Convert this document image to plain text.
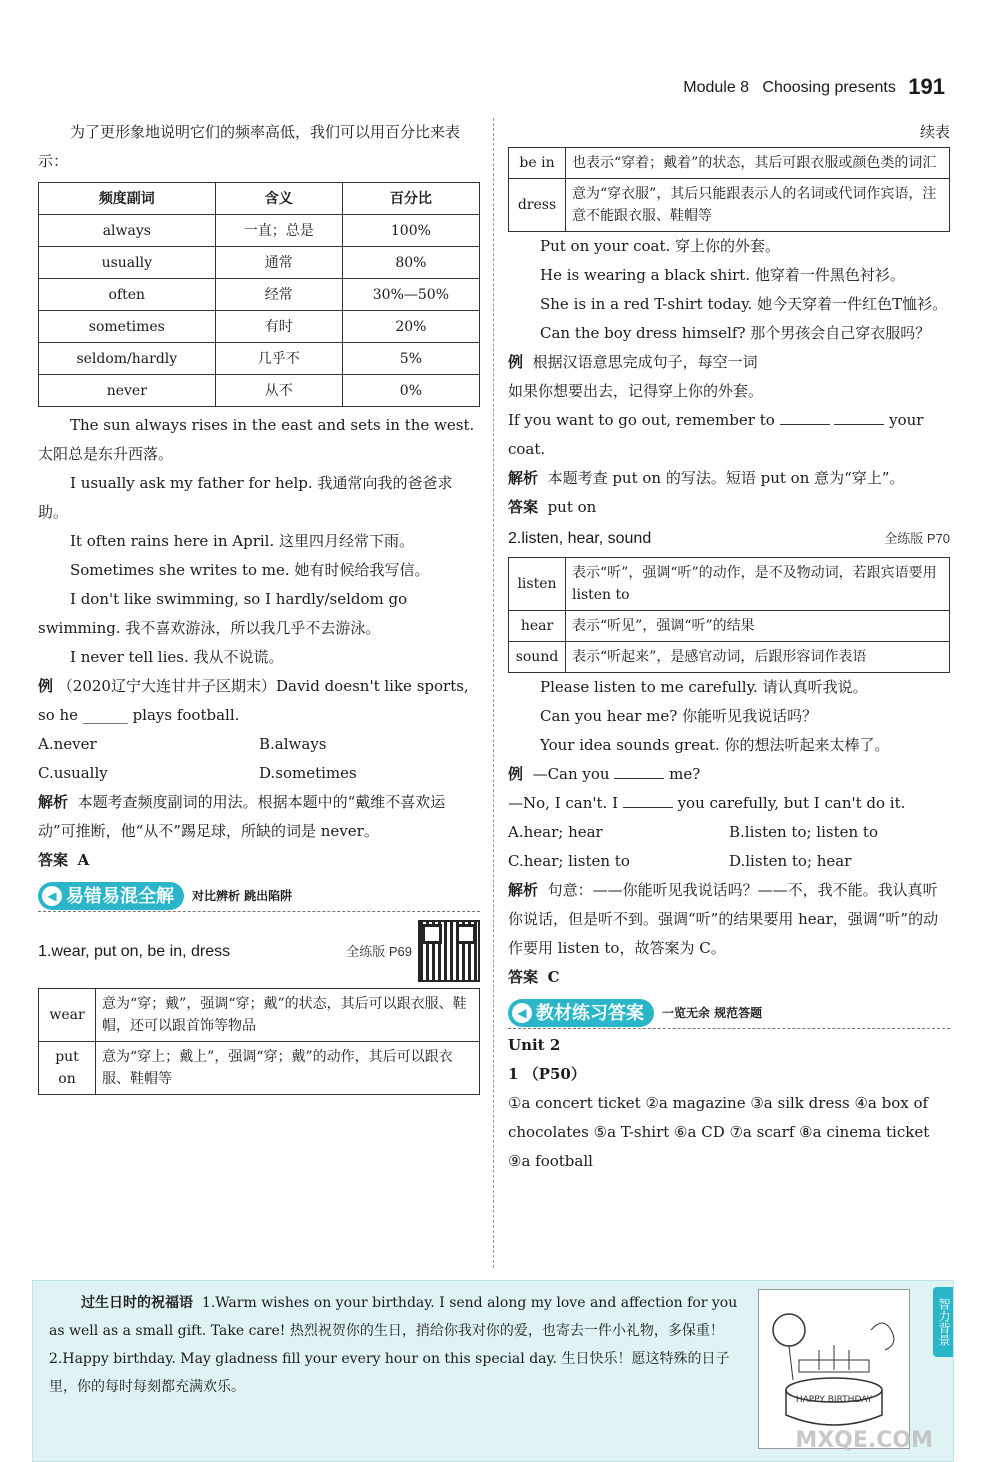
Module 8 Choosing presents 191

为了更形象地说明它们的频率高低，我们可以用百分比来表示：

频度副词	含义	百分比
always	一直；总是	100%
usually	通常	80%
often	经常	30%—50%
sometimes	有时	20%
seldom/hardly	几乎不	5%
never	从不	0%

The sun always rises in the east and sets in the west. 太阳总是东升西落。

I usually ask my father for help. 我通常向我的爸爸求助。

It often rains here in April. 这里四月经常下雨。

Sometimes she writes to me. 她有时候给我写信。

I don't like swimming, so I hardly/seldom go swimming. 我不喜欢游泳，所以我几乎不去游泳。

I never tell lies. 我从不说谎。

例 （2020辽宁大连甘井子区期末）David doesn't like sports, so he ______ plays football.

A.never	B.always
C.usually	D.sometimes

解析 本题考查频度副词的用法。根据本题中的“戴维不喜欢运动”可推断，他“从不”踢足球，所缺的词是 never。

答案 A

◀ 易错易混全解 对比辨析 跳出陷阱
1.wear, put on, be in, dress	全练版 P69
wear	意为“穿；戴”，强调“穿；戴”的状态，其后可以跟衣服、鞋帽，还可以跟首饰等物品
put on	意为“穿上；戴上”，强调“穿；戴”的动作，其后可以跟衣服、鞋帽等

续表

be in	也表示“穿着；戴着”的状态，其后可跟衣服或颜色类的词汇
dress	意为“穿衣服”，其后只能跟表示人的名词或代词作宾语，注意不能跟衣服、鞋帽等

Put on your coat. 穿上你的外套。

He is wearing a black shirt. 他穿着一件黑色衬衫。

She is in a red T-shirt today. 她今天穿着一件红色T恤衫。

Can the boy dress himself? 那个男孩会自己穿衣服吗？

例 根据汉语意思完成句子，每空一词

如果你想要出去，记得穿上你的外套。

If you want to go out, remember to	your coat.

解析 本题考查 put on 的写法。短语 put on 意为“穿上”。

答案 put on

2.listen, hear, sound	全练版 P70
listen	表示“听”，强调“听”的动作，是不及物动词，若跟宾语要用 listen to
hear	表示“听见”，强调“听”的结果
sound	表示“听起来”，是感官动词，后跟形容词作表语

Please listen to me carefully. 请认真听我说。

Can you hear me? 你能听见我说话吗？

Your idea sounds great. 你的想法听起来太棒了。

例 —Can you	me?

—No, I can't. I	you carefully, but I can't do it.

A.hear; hear	B.listen to; listen to
C.hear; listen to	D.listen to; hear

解析 句意：——你能听见我说话吗？——不，我不能。我认真听你说话，但是听不到。强调“听”的结果要用 hear，强调“听”的动作要用 listen to，故答案为 C。

答案 C

◀ 教材练习答案 一览无余 规范答题

Unit 2

1 （P50）

①a concert ticket ②a magazine ③a silk dress ④a box of chocolates ⑤a T-shirt ⑥a CD ⑦a scarf ⑧a cinema ticket ⑨a football

过生日时的祝福语 1.Warm wishes on your birthday. I send along my love and affection for you as well as a small gift. Take care! 热烈祝贺你的生日，捎给你我对你的爱，也寄去一件小礼物，多保重！2.Happy birthday. May gladness fill your every hour on this special day. 生日快乐！愿这特殊的日子里，你的每时每刻都充满欢乐。
HAPPY BIRTHDAY
智力背景
MXQE.COM
